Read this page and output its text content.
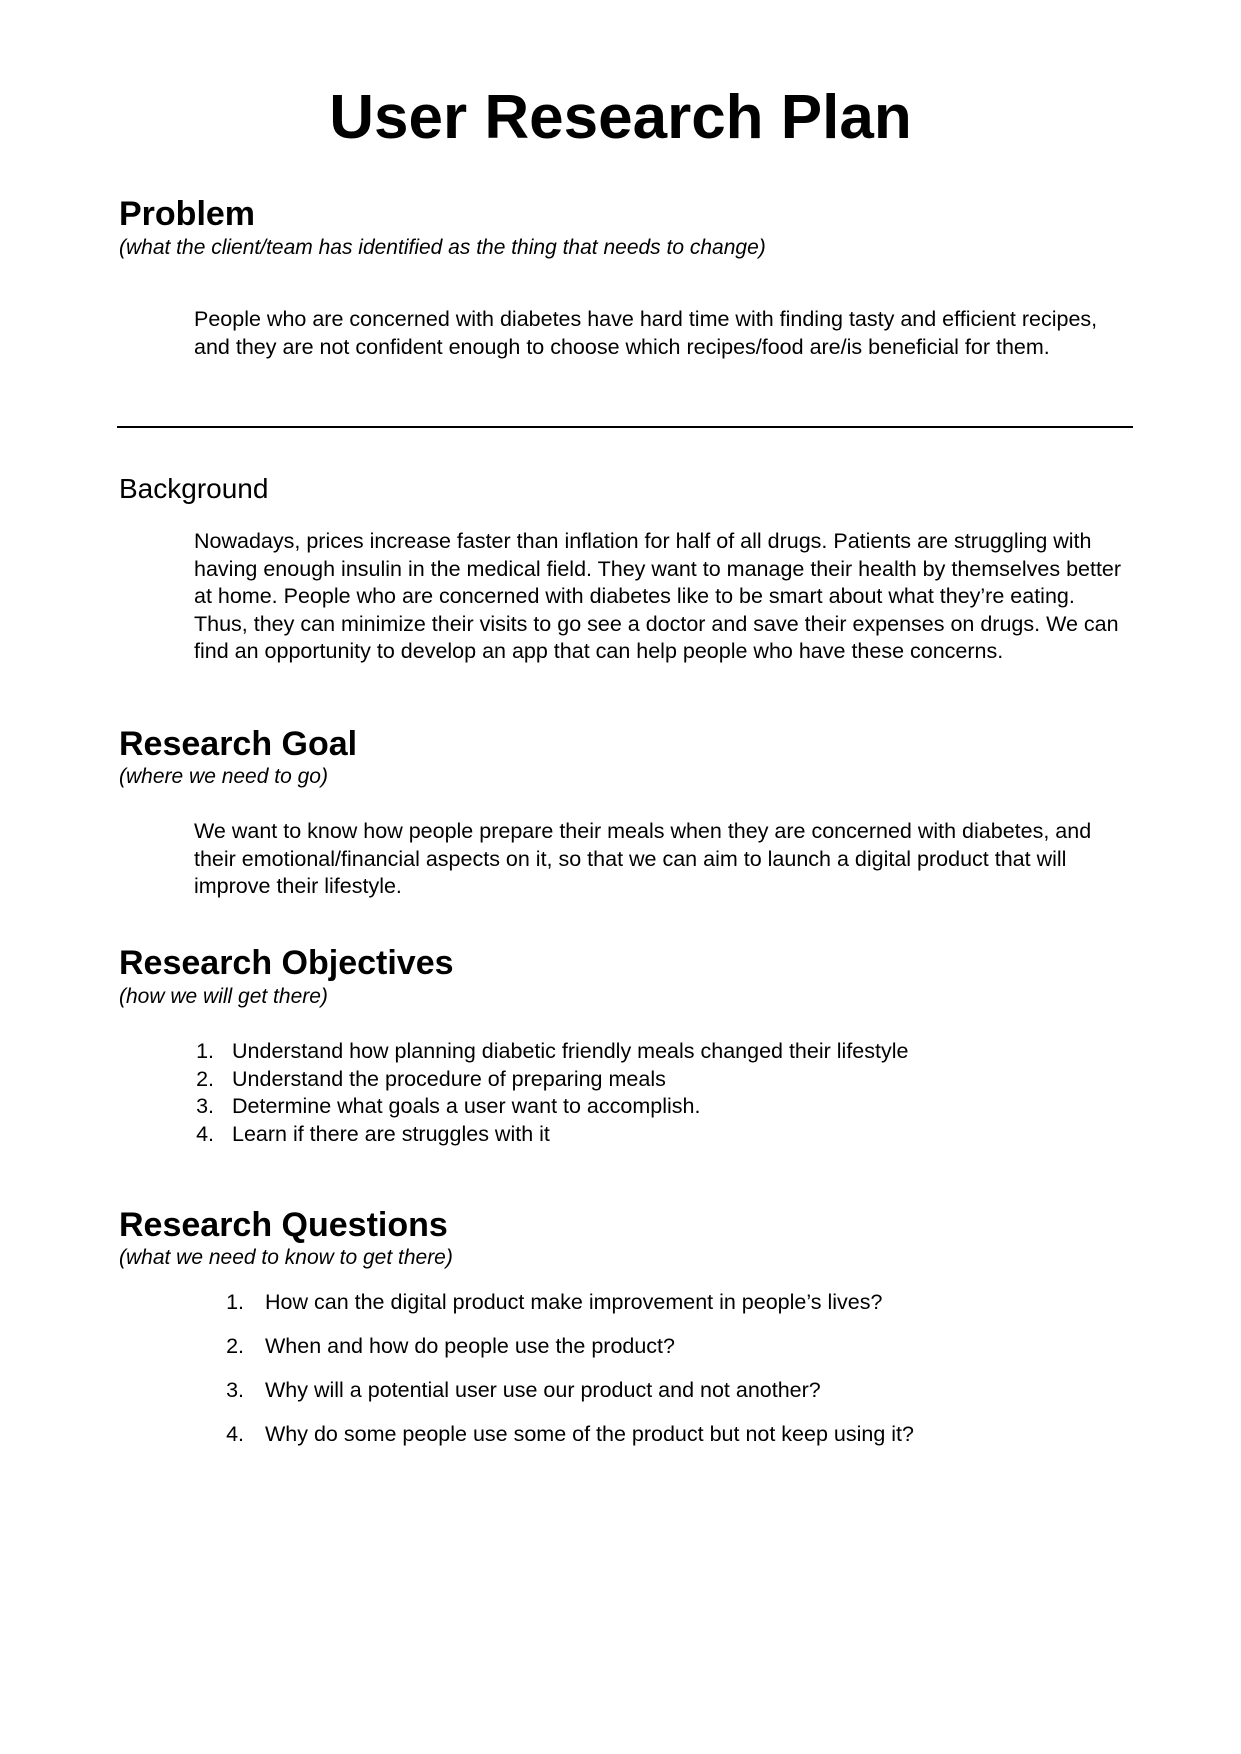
User Research Plan
Problem

(what the client/team has identified as the thing that needs to change)

People who are concerned with diabetes have hard time with finding tasty and efficient recipes, and they are not confident enough to choose which recipes/food are/is beneficial for them.

Background

Nowadays, prices increase faster than inflation for half of all drugs. Patients are struggling with having enough insulin in the medical field. They want to manage their health by themselves better at home. People who are concerned with diabetes like to be smart about what they’re eating. Thus, they can minimize their visits to go see a doctor and save their expenses on drugs. We can find an opportunity to develop an app that can help people who have these concerns.

Research Goal

(where we need to go)

We want to know how people prepare their meals when they are concerned with diabetes, and their emotional/financial aspects on it, so that we can aim to launch a digital product that will improve their lifestyle.

Research Objectives

(how we will get there)

1. Understand how planning diabetic friendly meals changed their lifestyle
2. Understand the procedure of preparing meals
3. Determine what goals a user want to accomplish.
4. Learn if there are struggles with it
Research Questions

(what we need to know to get there)

1. How can the digital product make improvement in people’s lives?
2. When and how do people use the product?
3. Why will a potential user use our product and not another?
4. Why do some people use some of the product but not keep using it?
